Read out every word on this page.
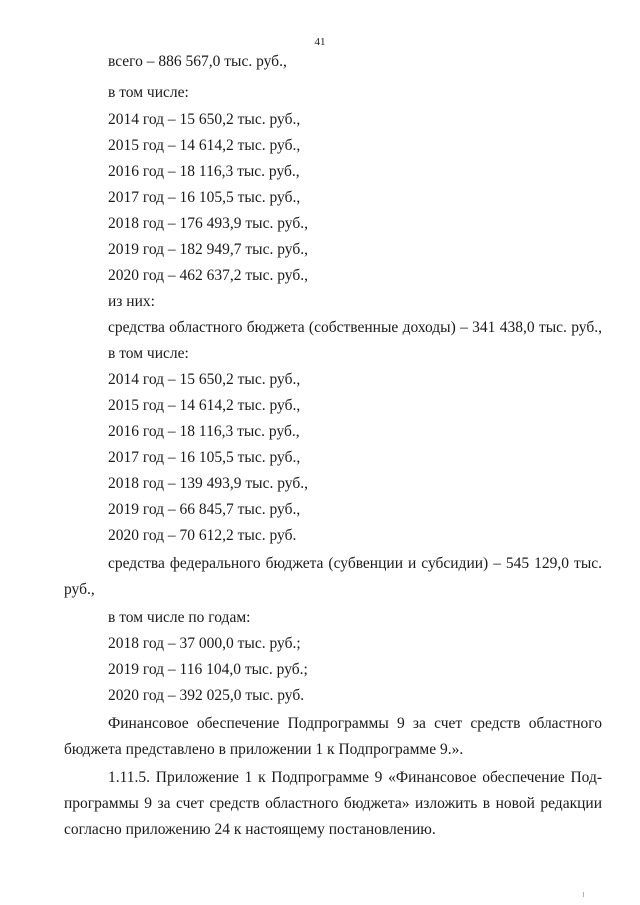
41
всего – 886 567,0 тыс. руб.,
в том числе:
2014 год – 15 650,2 тыс. руб.,
2015 год – 14 614,2 тыс. руб.,
2016 год – 18 116,3 тыс. руб.,
2017 год – 16 105,5 тыс. руб.,
2018 год – 176 493,9 тыс. руб.,
2019 год – 182 949,7 тыс. руб.,
2020 год – 462 637,2 тыс. руб.,
из них:
средства областного бюджета (собственные доходы) – 341 438,0 тыс. руб.,
в том числе:
2014 год – 15 650,2 тыс. руб.,
2015 год – 14 614,2 тыс. руб.,
2016 год – 18 116,3 тыс. руб.,
2017 год – 16 105,5 тыс. руб.,
2018 год – 139 493,9 тыс. руб.,
2019 год – 66 845,7 тыс. руб.,
2020 год – 70 612,2 тыс. руб.
средства федерального бюджета (субвенции и субсидии) – 545 129,0 тыс.
руб.,
в том числе по годам:
2018 год – 37 000,0 тыс. руб.;
2019 год – 116 104,0 тыс. руб.;
2020 год – 392 025,0 тыс. руб.
Финансовое обеспечение Подпрограммы 9 за счет средств областного
бюджета представлено в приложении 1 к Подпрограмме 9.».
1.11.5. Приложение 1 к Подпрограмме 9 «Финансовое обеспечение Под-
программы 9 за счет средств областного бюджета» изложить в новой редакции
согласно приложению 24 к настоящему постановлению.
